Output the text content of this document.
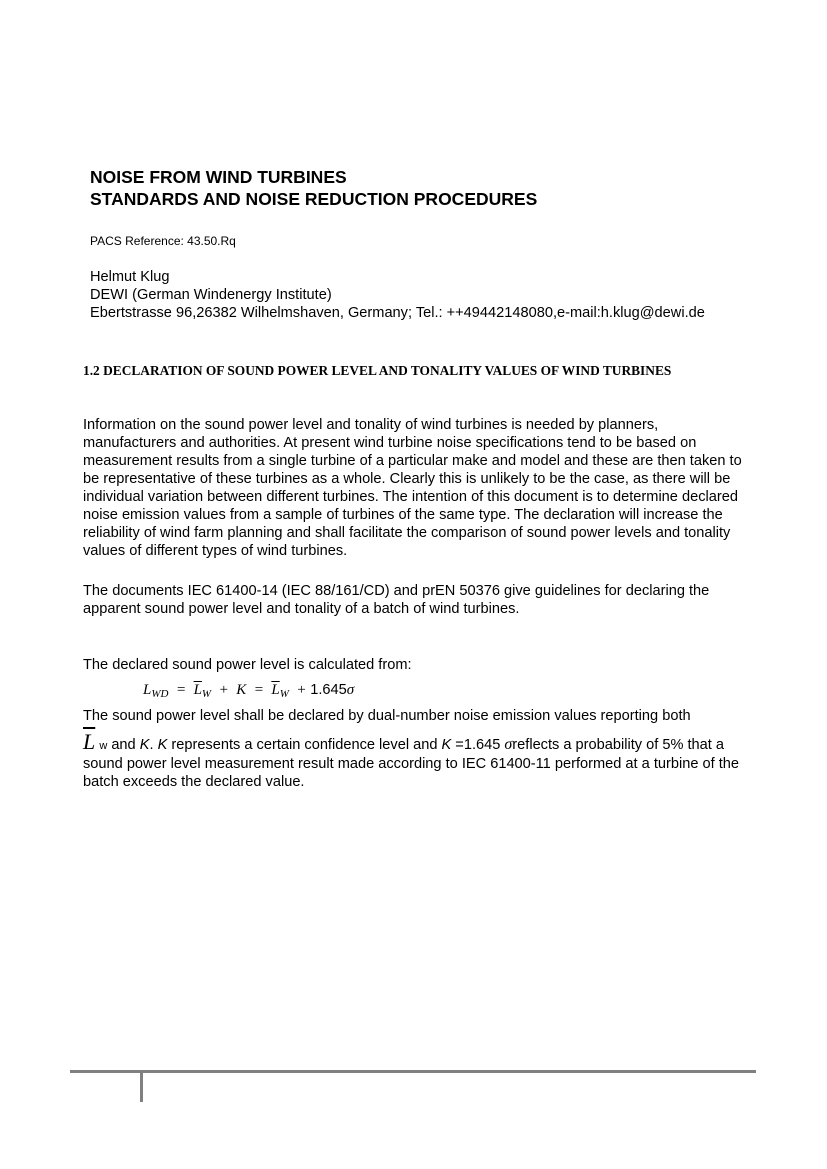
NOISE FROM WIND TURBINES
STANDARDS AND NOISE REDUCTION PROCEDURES
PACS Reference: 43.50.Rq
Helmut Klug
DEWI (German Windenergy Institute)
Ebertstrasse 96,26382 Wilhelmshaven, Germany; Tel.: ++49442148080,e-mail:h.klug@dewi.de
1.2 DECLARATION OF SOUND POWER LEVEL AND TONALITY VALUES OF WIND TURBINES
Information on the sound power level and tonality of wind turbines is needed by planners, manufacturers and authorities. At present wind turbine noise specifications tend to be based on measurement results from a single turbine of a particular make and model and these are then taken to be representative of these turbines as a whole. Clearly this is unlikely to be the case, as there will be individual variation between different turbines. The intention of this document is to determine declared noise emission values from a sample of turbines of the same type. The declaration will increase the reliability of wind farm planning and shall facilitate the comparison of sound power levels and tonality values of different types of wind turbines.
The documents IEC 61400-14 (IEC 88/161/CD) and prEN 50376 give guidelines for declaring the apparent sound power level and tonality of a batch of wind turbines.
The declared sound power level is calculated from:
$L_{WD} = \overline{L}_W + K = \overline{L}_W + 1.645\sigma$
The sound power level shall be declared by dual-number noise emission values reporting both
$\overline{L}$ w and K. K represents a certain confidence level and K =1.645 σreflects a probability of 5% that a sound power level measurement result made according to IEC 61400-11 performed at a turbine of the batch exceeds the declared value.
